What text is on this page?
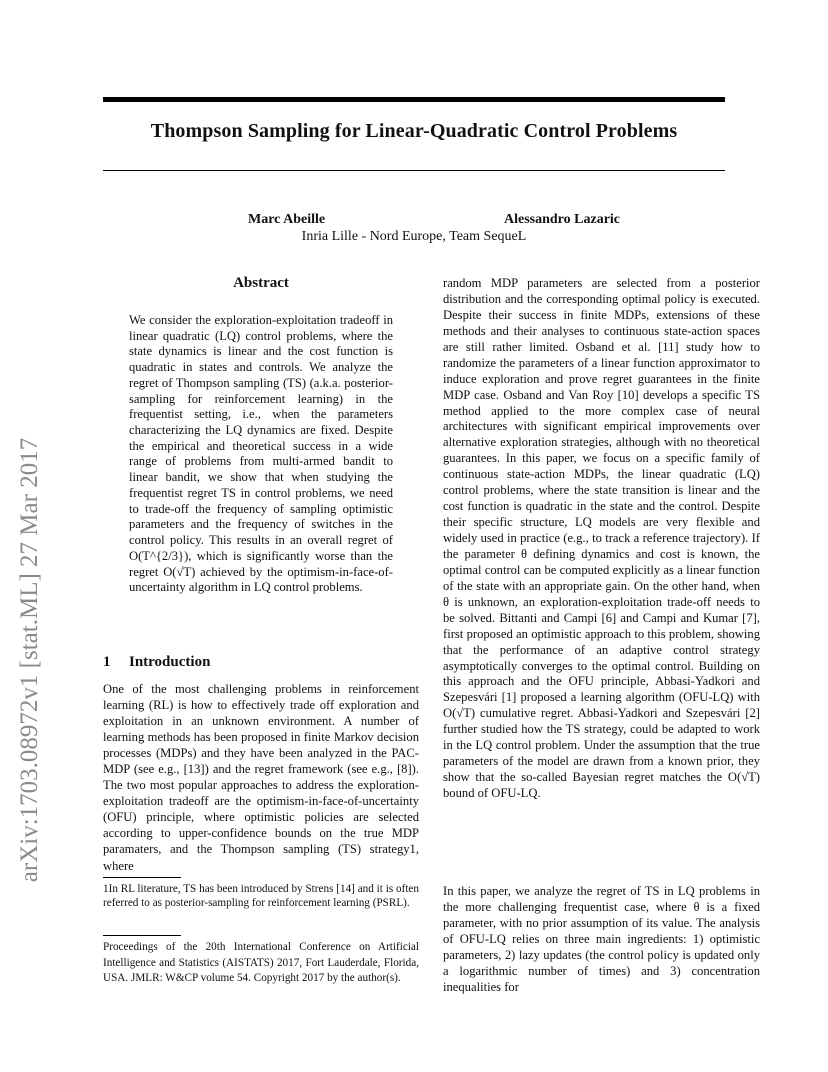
Thompson Sampling for Linear-Quadratic Control Problems
Marc Abeille	Alessandro Lazaric
Inria Lille - Nord Europe, Team SequeL
arXiv:1703.08972v1 [stat.ML] 27 Mar 2017
Abstract

We consider the exploration-exploitation tradeoff in linear quadratic (LQ) control problems, where the state dynamics is linear and the cost function is quadratic in states and controls. We analyze the regret of Thompson sampling (TS) (a.k.a. posterior-sampling for reinforcement learning) in the frequentist setting, i.e., when the parameters characterizing the LQ dynamics are fixed. Despite the empirical and theoretical success in a wide range of problems from multi-armed bandit to linear bandit, we show that when studying the frequentist regret TS in control problems, we need to trade-off the frequency of sampling optimistic parameters and the frequency of switches in the control policy. This results in an overall regret of O(T^{2/3}), which is significantly worse than the regret O(√T) achieved by the optimism-in-face-of-uncertainty algorithm in LQ control problems.

1 Introduction

One of the most challenging problems in reinforcement learning (RL) is how to effectively trade off exploration and exploitation in an unknown environment. A number of learning methods has been proposed in finite Markov decision processes (MDPs) and they have been analyzed in the PAC-MDP (see e.g., [13]) and the regret framework (see e.g., [8]). The two most popular approaches to address the exploration-exploitation tradeoff are the optimism-in-face-of-uncertainty (OFU) principle, where optimistic policies are selected according to upper-confidence bounds on the true MDP paramaters, and the Thompson sampling (TS) strategy1, where

1In RL literature, TS has been introduced by Strens [14] and it is often referred to as posterior-sampling for reinforcement learning (PSRL).
Proceedings of the 20th International Conference on Artificial Intelligence and Statistics (AISTATS) 2017, Fort Lauderdale, Florida, USA. JMLR: W&CP volume 54. Copyright 2017 by the author(s).

random MDP parameters are selected from a posterior distribution and the corresponding optimal policy is executed. Despite their success in finite MDPs, extensions of these methods and their analyses to continuous state-action spaces are still rather limited. Osband et al. [11] study how to randomize the parameters of a linear function approximator to induce exploration and prove regret guarantees in the finite MDP case. Osband and Van Roy [10] develops a specific TS method applied to the more complex case of neural architectures with significant empirical improvements over alternative exploration strategies, although with no theoretical guarantees. In this paper, we focus on a specific family of continuous state-action MDPs, the linear quadratic (LQ) control problems, where the state transition is linear and the cost function is quadratic in the state and the control. Despite their specific structure, LQ models are very flexible and widely used in practice (e.g., to track a reference trajectory). If the parameter θ defining dynamics and cost is known, the optimal control can be computed explicitly as a linear function of the state with an appropriate gain. On the other hand, when θ is unknown, an exploration-exploitation trade-off needs to be solved. Bittanti and Campi [6] and Campi and Kumar [7], first proposed an optimistic approach to this problem, showing that the performance of an adaptive control strategy asymptotically converges to the optimal control. Building on this approach and the OFU principle, Abbasi-Yadkori and Szepesvári [1] proposed a learning algorithm (OFU-LQ) with O(√T) cumulative regret. Abbasi-Yadkori and Szepesvári [2] further studied how the TS strategy, could be adapted to work in the LQ control problem. Under the assumption that the true parameters of the model are drawn from a known prior, they show that the so-called Bayesian regret matches the O(√T) bound of OFU-LQ.

In this paper, we analyze the regret of TS in LQ problems in the more challenging frequentist case, where θ is a fixed parameter, with no prior assumption of its value. The analysis of OFU-LQ relies on three main ingredients: 1) optimistic parameters, 2) lazy updates (the control policy is updated only a logarithmic number of times) and 3) concentration inequalities for
